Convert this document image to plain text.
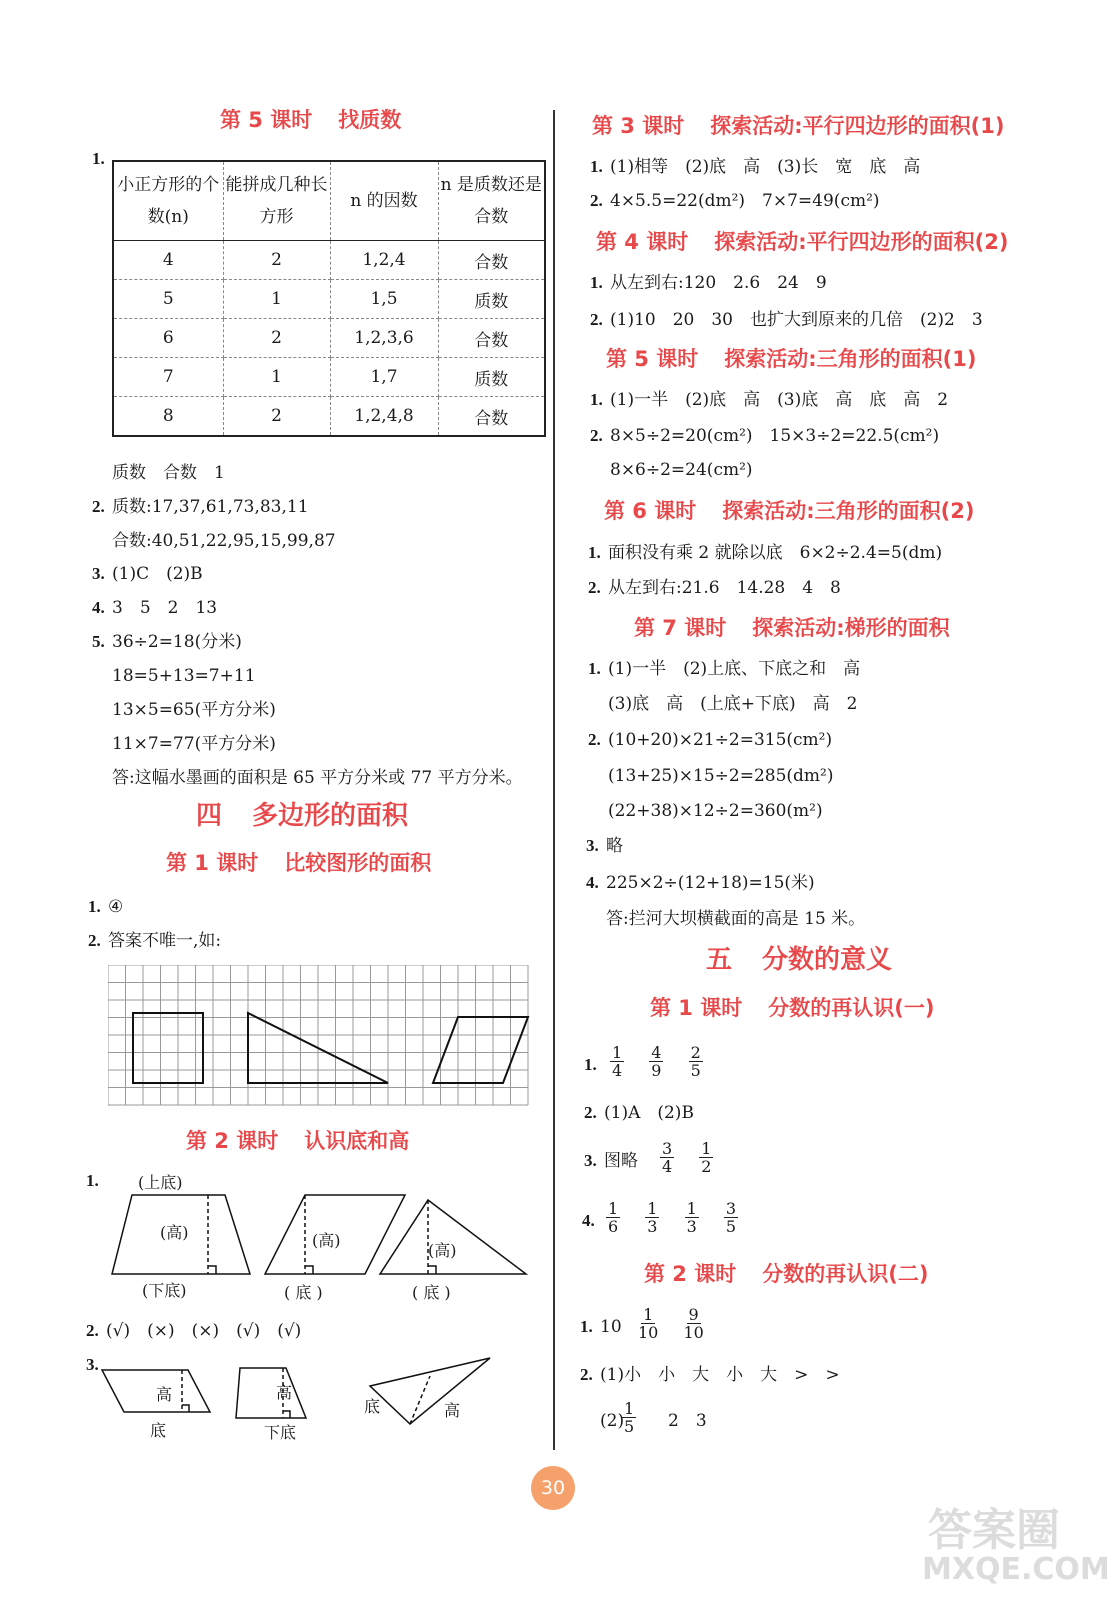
第 5 课时 找质数
1.
小正方形的个数(n)	能拼成几种长方形	n 的因数	n 是质数还是合数
4	2	1,2,4	合数
5	1	1,5	质数
6	2	1,2,3,6	合数
7	1	1,7	质数
8	2	1,2,4,8	合数
质数　合数　1
2. 质数:17,37,61,73,83,11
合数:40,51,22,95,15,99,87
3. (1)C　(2)B
4. 3　5　2　13
5. 36÷2=18(分米)
18=5+13=7+11
13×5=65(平方分米)
11×7=77(平方分米)
答:这幅水墨画的面积是 65 平方分米或 77 平方分米。
四 多边形的面积
第 1 课时 比较图形的面积
1. ④
2. 答案不唯一,如:
第 2 课时 认识底和高
1. (上底)
(高)	(高)
(高)
(下底)	( 底 )	( 底 )
2. (√)　(×)　(×)　(√)　(√)
3.
高
底
高
下底
底	高
第 3 课时 探索活动:平行四边形的面积(1)
1. (1)相等　(2)底　高　(3)长　宽　底　高
2. 4×5.5=22(dm²)　7×7=49(cm²)
第 4 课时 探索活动:平行四边形的面积(2)
1. 从左到右:120　2.6　24　9
2. (1)10　20　30　也扩大到原来的几倍　(2)2　3
第 5 课时 探索活动:三角形的面积(1)
1. (1)一半　(2)底　高　(3)底　高　底　高　2
2. 8×5÷2=20(cm²)　15×3÷2=22.5(cm²)
8×6÷2=24(cm²)
第 6 课时 探索活动:三角形的面积(2)
1. 面积没有乘 2 就除以底　6×2÷2.4=5(dm)
2. 从左到右:21.6　14.28　4　8
第 7 课时 探索活动:梯形的面积
1. (1)一半　(2)上底、下底之和　高
(3)底　高　(上底+下底)　高　2
2. (10+20)×21÷2=315(cm²)
(13+25)×15÷2=285(dm²)
(22+38)×12÷2=360(m²)
3. 略
4. 225×2÷(12+18)=15(米)
答:拦河大坝横截面的高是 15 米。
五 分数的意义
第 1 课时 分数的再认识(一)
1. $\frac{1}{4}$
$\frac{4}{9}$
$\frac{2}{5}$
2. (1)A　(2)B
3. 图略 $\frac{3}{4}$
$\frac{1}{2}$
4. $\frac{1}{6}$
$\frac{1}{3}$
$\frac{1}{3}$
$\frac{3}{5}$
第 2 课时 分数的再认识(二)
1. $10 \frac{1}{10}$
$\frac{9}{10}$
2. (1)小　小　大　小　大　>　>
(2)
$\frac{1}{5} 2$　3
30
答案圈
MXQE.COM
